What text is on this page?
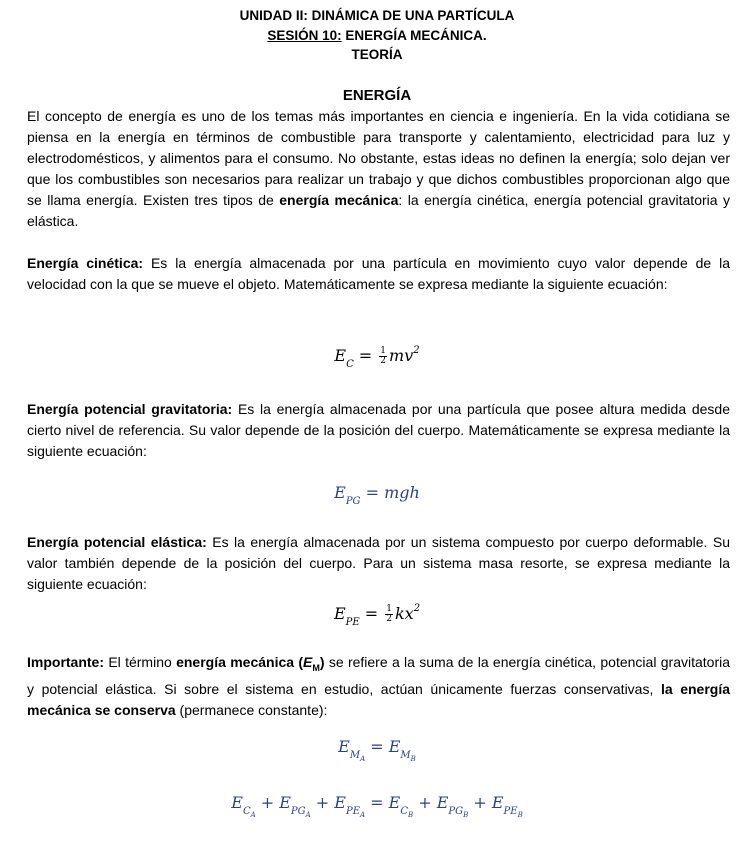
UNIDAD II: DINÁMICA DE UNA PARTÍCULA
SESIÓN 10: ENERGÍA MECÁNICA.
TEORÍA
ENERGÍA
El concepto de energía es uno de los temas más importantes en ciencia e ingeniería. En la vida cotidiana se piensa en la energía en términos de combustible para transporte y calentamiento, electricidad para luz y electrodomésticos, y alimentos para el consumo. No obstante, estas ideas no definen la energía; solo dejan ver que los combustibles son necesarios para realizar un trabajo y que dichos combustibles proporcionan algo que se llama energía. Existen tres tipos de energía mecánica: la energía cinética, energía potencial gravitatoria y elástica.
Energía cinética: Es la energía almacenada por una partícula en movimiento cuyo valor depende de la velocidad con la que se mueve el objeto. Matemáticamente se expresa mediante la siguiente ecuación:
$E_C = \frac{1}{2} mv^2$
Energía potencial gravitatoria: Es la energía almacenada por una partícula que posee altura medida desde cierto nivel de referencia. Su valor depende de la posición del cuerpo. Matemáticamente se expresa mediante la siguiente ecuación:
$E_{PG}$ = mgh
Energía potencial elástica: Es la energía almacenada por un sistema compuesto por cuerpo deformable. Su valor también depende de la posición del cuerpo. Para un sistema masa resorte, se expresa mediante la siguiente ecuación:
$E_{PE} = \frac{1}{2} kx^2$
Importante: El término energía mecánica $(E_M)$ se refiere a la suma de la energía cinética, potencial gravitatoria y potencial elástica. Si sobre el sistema en estudio, actúan únicamente fuerzas conservativas, la energía mecánica se conserva (permanece constante):
$E_{M_A} = E_{M_B}$
$E_{C_A} + E_{PG_A} + E_{PE_A} = E_{C_B} + E_{PG_B} + E_{PE_B}$
